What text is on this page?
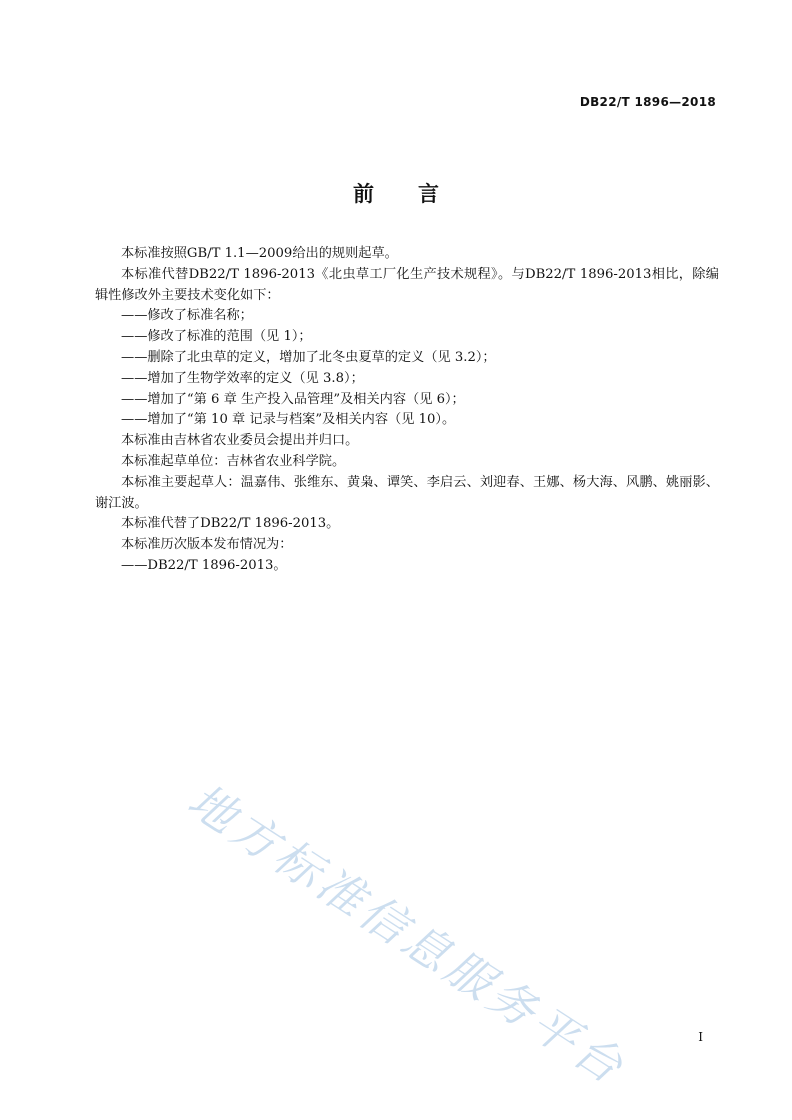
DB22/T 1896—2018
前 言

本标准按照GB/T 1.1—2009给出的规则起草。

本标准代替DB22/T 1896-2013《北虫草工厂化生产技术规程》。与DB22/T 1896-2013相比，除编辑性修改外主要技术变化如下：

——修改了标准名称；

——修改了标准的范围（见 1）；

——删除了北虫草的定义，增加了北冬虫夏草的定义（见 3.2）；

——增加了生物学效率的定义（见 3.8）；

——增加了“第 6 章 生产投入品管理”及相关内容（见 6）；

——增加了“第 10 章 记录与档案”及相关内容（见 10）。

本标准由吉林省农业委员会提出并归口。

本标准起草单位：吉林省农业科学院。

本标准主要起草人：温嘉伟、张维东、黄枭、谭笑、李启云、刘迎春、王娜、杨大海、风鹏、姚丽影、谢江波。

本标准代替了DB22/T 1896-2013。

本标准历次版本发布情况为：

——DB22/T 1896-2013。

地方标准信息服务平台	I
